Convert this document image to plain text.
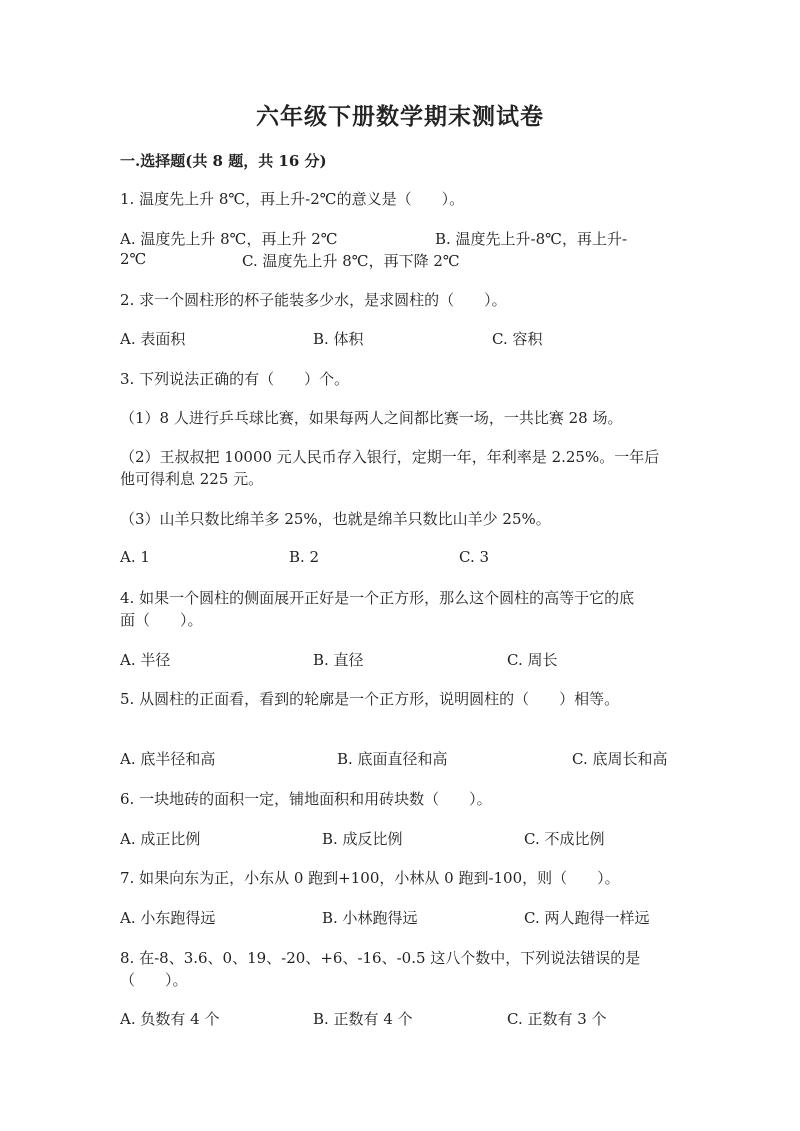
六年级下册数学期末测试卷
一.选择题(共 8 题，共 16 分)
1. 温度先上升 8℃，再上升-2℃的意义是（　　）。
A. 温度先上升 8℃，再上升 2℃	B. 温度先上升-8℃，再上升-
2℃	C. 温度先上升 8℃，再下降 2℃
2. 求一个圆柱形的杯子能装多少水，是求圆柱的（　　）。
A. 表面积	B. 体积	C. 容积
3. 下列说法正确的有（　　）个。
（1）8 人进行乒乓球比赛，如果每两人之间都比赛一场，一共比赛 28 场。
（2）王叔叔把 10000 元人民币存入银行，定期一年，年利率是 2.25%。一年后
他可得利息 225 元。
（3）山羊只数比绵羊多 25%，也就是绵羊只数比山羊少 25%。
A. 1	B. 2	C. 3
4. 如果一个圆柱的侧面展开正好是一个正方形，那么这个圆柱的高等于它的底
面（　　）。
A. 半径	B. 直径	C. 周长
5. 从圆柱的正面看，看到的轮廓是一个正方形，说明圆柱的（　　）相等。
A. 底半径和高	B. 底面直径和高	C. 底周长和高
6. 一块地砖的面积一定，铺地面积和用砖块数（　　）。
A. 成正比例	B. 成反比例	C. 不成比例
7. 如果向东为正，小东从 0 跑到+100，小林从 0 跑到-100，则（　　）。
A. 小东跑得远	B. 小林跑得远	C. 两人跑得一样远
8. 在-8、3.6、0、19、-20、+6、-16、-0.5 这八个数中，下列说法错误的是
（　　）。
A. 负数有 4 个	B. 正数有 4 个	C. 正数有 3 个
